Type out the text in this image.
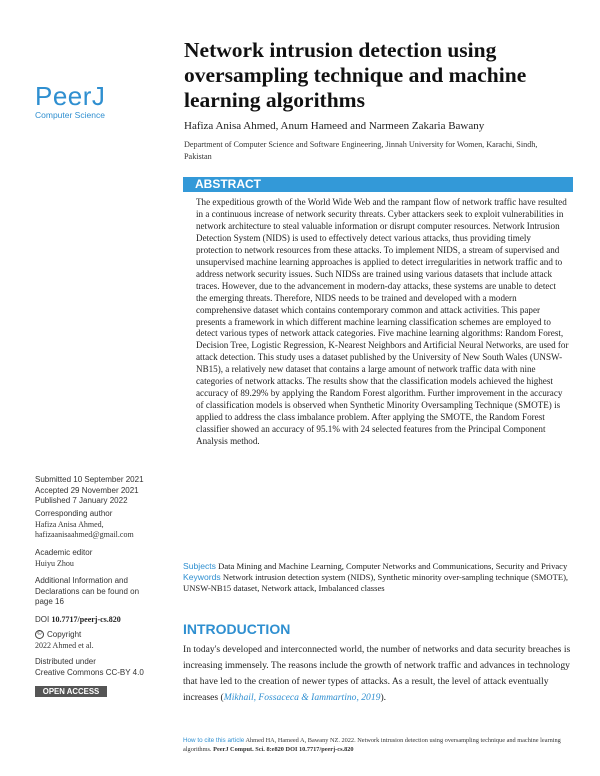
PeerJ
Computer Science
Network intrusion detection using oversampling technique and machine learning algorithms
Hafiza Anisa Ahmed, Anum Hameed and Narmeen Zakaria Bawany
Department of Computer Science and Software Engineering, Jinnah University for Women, Karachi, Sindh, Pakistan
ABSTRACT

The expeditious growth of the World Wide Web and the rampant flow of network traffic have resulted in a continuous increase of network security threats. Cyber attackers seek to exploit vulnerabilities in network architecture to steal valuable information or disrupt computer resources. Network Intrusion Detection System (NIDS) is used to effectively detect various attacks, thus providing timely protection to network resources from these attacks. To implement NIDS, a stream of supervised and unsupervised machine learning approaches is applied to detect irregularities in network traffic and to address network security issues. Such NIDSs are trained using various datasets that include attack traces. However, due to the advancement in modern-day attacks, these systems are unable to detect the emerging threats. Therefore, NIDS needs to be trained and developed with a modern comprehensive dataset which contains contemporary common and attack activities. This paper presents a framework in which different machine learning classification schemes are employed to detect various types of network attack categories. Five machine learning algorithms: Random Forest, Decision Tree, Logistic Regression, K-Nearest Neighbors and Artificial Neural Networks, are used for attack detection. This study uses a dataset published by the University of New South Wales (UNSW-NB15), a relatively new dataset that contains a large amount of network traffic data with nine categories of network attacks. The results show that the classification models achieved the highest accuracy of 89.29% by applying the Random Forest algorithm. Further improvement in the accuracy of classification models is observed when Synthetic Minority Oversampling Technique (SMOTE) is applied to address the class imbalance problem. After applying the SMOTE, the Random Forest classifier showed an accuracy of 95.1% with 24 selected features from the Principal Component Analysis method.

Submitted 10 September 2021
Accepted 29 November 2021
Published 7 January 2022
Corresponding author
Hafiza Anisa Ahmed,
hafizaanisaahmed@gmail.com
Academic editor
Huiyu Zhou
Additional Information and Declarations can be found on page 16
DOI 10.7717/peerj-cs.820
© Copyright
2022 Ahmed et al.
Distributed under
Creative Commons CC-BY 4.0
OPEN ACCESS
Subjects Data Mining and Machine Learning, Computer Networks and Communications, Security and Privacy
Keywords Network intrusion detection system (NIDS), Synthetic minority over-sampling technique (SMOTE), UNSW-NB15 dataset, Network attack, Imbalanced classes
INTRODUCTION

In today's developed and interconnected world, the number of networks and data security breaches is increasing immensely. The reasons include the growth of network traffic and advances in technology that have led to the creation of newer types of attacks. As a result, the level of attack eventually increases (Mikhail, Fossaceca & Iammartino, 2019).

How to cite this article Ahmed HA, Hameed A, Bawany NZ. 2022. Network intrusion detection using oversampling technique and machine learning algorithms. PeerJ Comput. Sci. 8:e820 DOI 10.7717/peerj-cs.820
